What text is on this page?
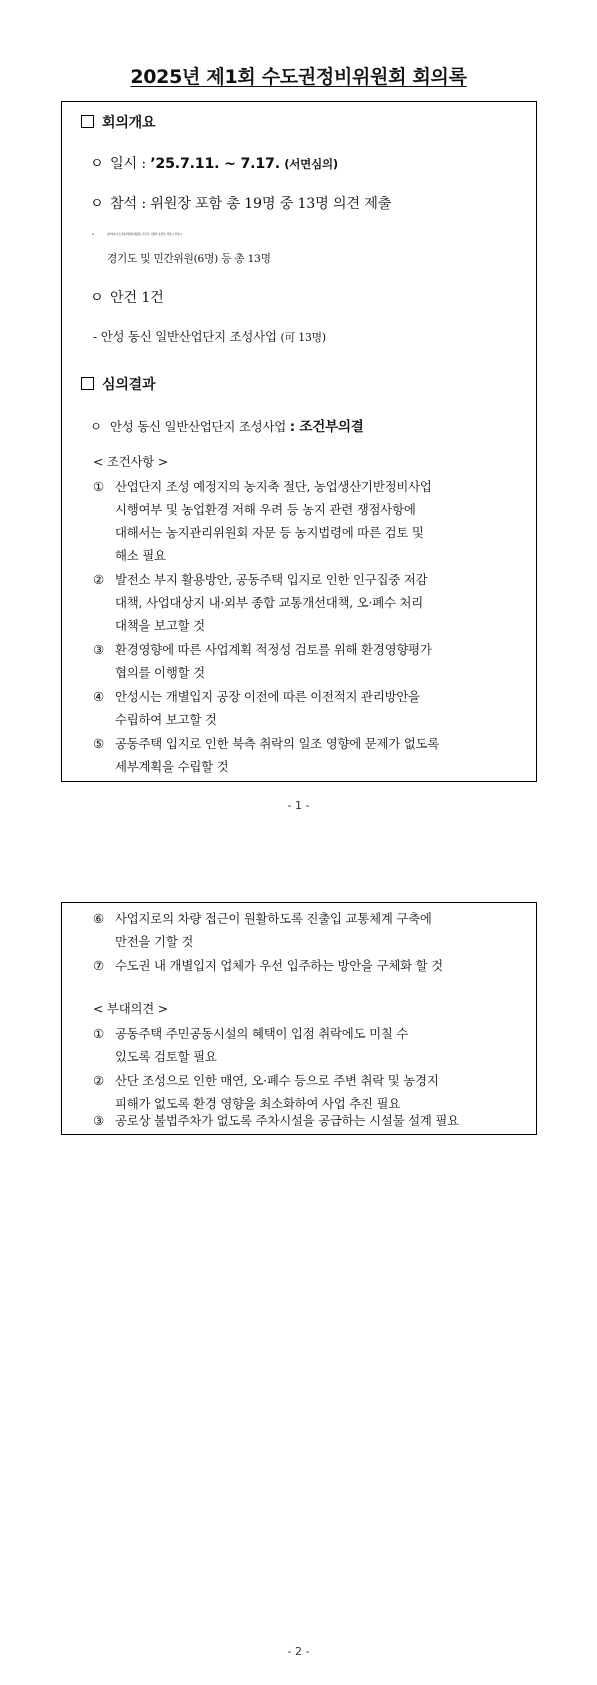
2025년 제1회 수도권정비위원회 회의록
회의개요
ㅇ 일시 : ’25.7.11. ~ 7.17. (서면심의)
ㅇ 참석 : 위원장 포함 총 19명 중 13명 의견 제출
※	(참석자) 국토교통부장관(위원장), 국토부, 국방부, 농림부, 서울시, 인천시,
경기도 및 민간위원(6명) 등 총 13명
ㅇ 안건 1건
- 안성 동신 일반산업단지 조성사업 (可 13명)
심의결과
ㅇ 안성 동신 일반산업단지 조성사업 : 조건부의결
< 조건사항 >
① 산업단지 조성 예정지의 농지축 절단, 농업생산기반정비사업
시행여부 및 농업환경 저해 우려 등 농지 관련 쟁점사항에
대해서는 농지관리위원회 자문 등 농지법령에 따른 검토 및
해소 필요
② 발전소 부지 활용방안, 공동주택 입지로 인한 인구집중 저감
대책, 사업대상지 내·외부 종합 교통개선대책, 오·폐수 처리
대책을 보고할 것
③ 환경영향에 따른 사업계획 적정성 검토를 위해 환경영향평가
협의를 이행할 것
④ 안성시는 개별입지 공장 이전에 따른 이전적지 관리방안을
수립하여 보고할 것
⑤ 공동주택 입지로 인한 북측 취락의 일조 영향에 문제가 없도록
세부계획을 수립할 것
- 1 -
⑥ 사업지로의 차량 접근이 원활하도록 진출입 교통체계 구축에
만전을 기할 것
⑦ 수도권 내 개별입지 업체가 우선 입주하는 방안을 구체화 할 것
< 부대의견 >
① 공동주택 주민공동시설의 혜택이 입점 취락에도 미칠 수
있도록 검토할 필요
② 산단 조성으로 인한 매연, 오·폐수 등으로 주변 취락 및 농경지
피해가 없도록 환경 영향을 최소화하여 사업 추진 필요
③ 공로상 불법주차가 없도록 주차시설을 공급하는 시설물 설계 필요
- 2 -
